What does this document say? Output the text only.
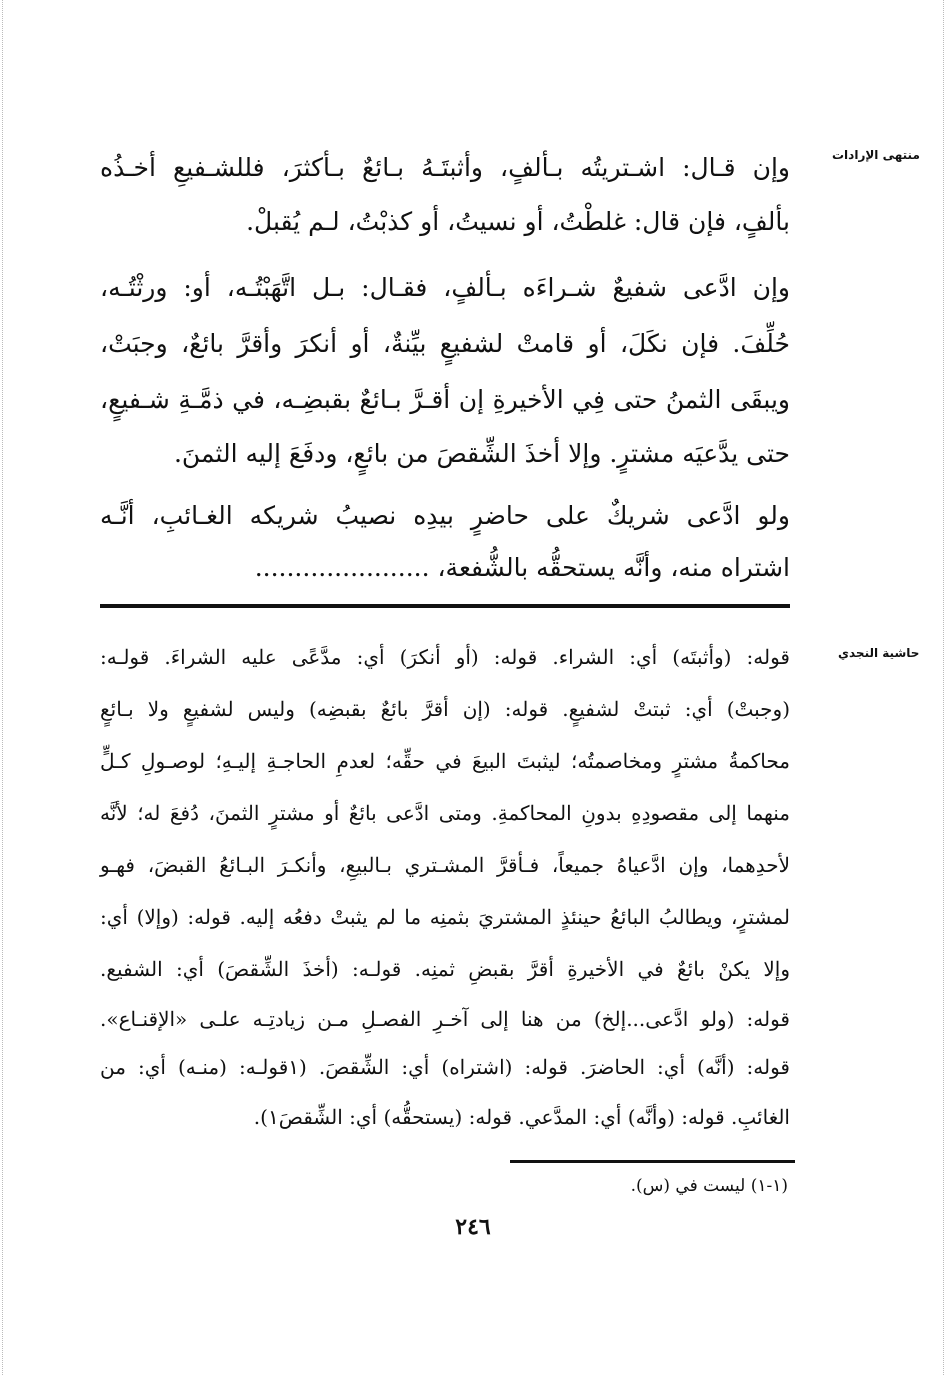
منتهى الإرادات
حاشية النجدي
وإن قـال: اشـتريتُه بـألفٍ، وأثبتَـهُ بـائعٌ بـأكثرَ، فللشـفيعِ أخـذُه
بألفٍ، فإن قال: غلطْتُ، أو نسيتُ، أو كذبْتُ، لـم يُقبلْ.
وإن ادَّعى شفيعٌ شـراءَه بـألفٍ، فقـال: بـل اتَّهَبْتُـه، أو: ورثْتُـه،
حُلِّفَ. فإن نكَلَ، أو قامتْ لشفيعٍ بيِّنةٌ، أو أنكرَ وأقرَّ بائعٌ، وجبَتْ،
ويبقَى الثمنُ حتى فِي الأخيرةِ إن أقـرَّ بـائعٌ بقبضِـه، في ذمَّـةِ شـفيعٍ،
حتى يدَّعيَه مشترٍ. وإلا أخذَ الشِّقصَ من بائعٍ، ودفَعَ إليه الثمنَ.
ولو ادَّعى شريكٌ على حاضرٍ بيدِه نصيبُ شريكه الغـائبِ، أنَّـه
اشتراه منه، وأنَّه يستحقُّه بالشُّفعة، ......................
قوله: (وأثبتَه) أي: الشراء. قوله: (أو أنكرَ) أي: مدَّعًى عليه الشراءَ. قولـه:
(وجبتْ) أي: ثبتتْ لشفيعٍ. قوله: (إن أقرَّ بائعٌ بقبضِه) وليس لشفيعٍ ولا بـائعٍ
محاكمةُ مشترٍ ومخاصمتُه؛ ليثبتَ البيعَ في حقِّه؛ لعدمِ الحاجـةِ إليـهِ؛ لوصـولِ كـلٍّ
منهما إلى مقصودِهِ بدونِ المحاكمةِ. ومتى ادَّعى بائعٌ أو مشترٍ الثمنَ، دُفعَ له؛ لأنَّه
لأحدِهما، وإن ادَّعياهُ جميعاً، فـأقرَّ المشـتري بـالبيعِ، وأنكـرَ البـائعُ القبضَ، فهـو
لمشترٍ، ويطالبُ البائعُ حينئذٍ المشتريَ بثمنِه ما لم يثبتْ دفعُه إليه. قوله: (وإلا) أي:
وإلا يكنْ بائعٌ في الأخيرةِ أقرَّ بقبضِ ثمنِه. قولـه: (أخذَ الشِّقصَ) أي: الشفيع.
قوله: (ولو ادَّعى...إلخ) من هنا إلى آخـرِ الفصـلِ مـن زيادتِـه علـى «الإقنـاع».
قوله: (أنَّه) أي: الحاضرَ. قوله: (اشتراه) أي: الشِّقصَ. (١قولـه: (منـه) أي: من
الغائبِ. قوله: (وأنَّه) أي: المدَّعي. قوله: (يستحقُّه) أي: الشِّقصَ١).
(١-١) ليست في (س).
٢٤٦
